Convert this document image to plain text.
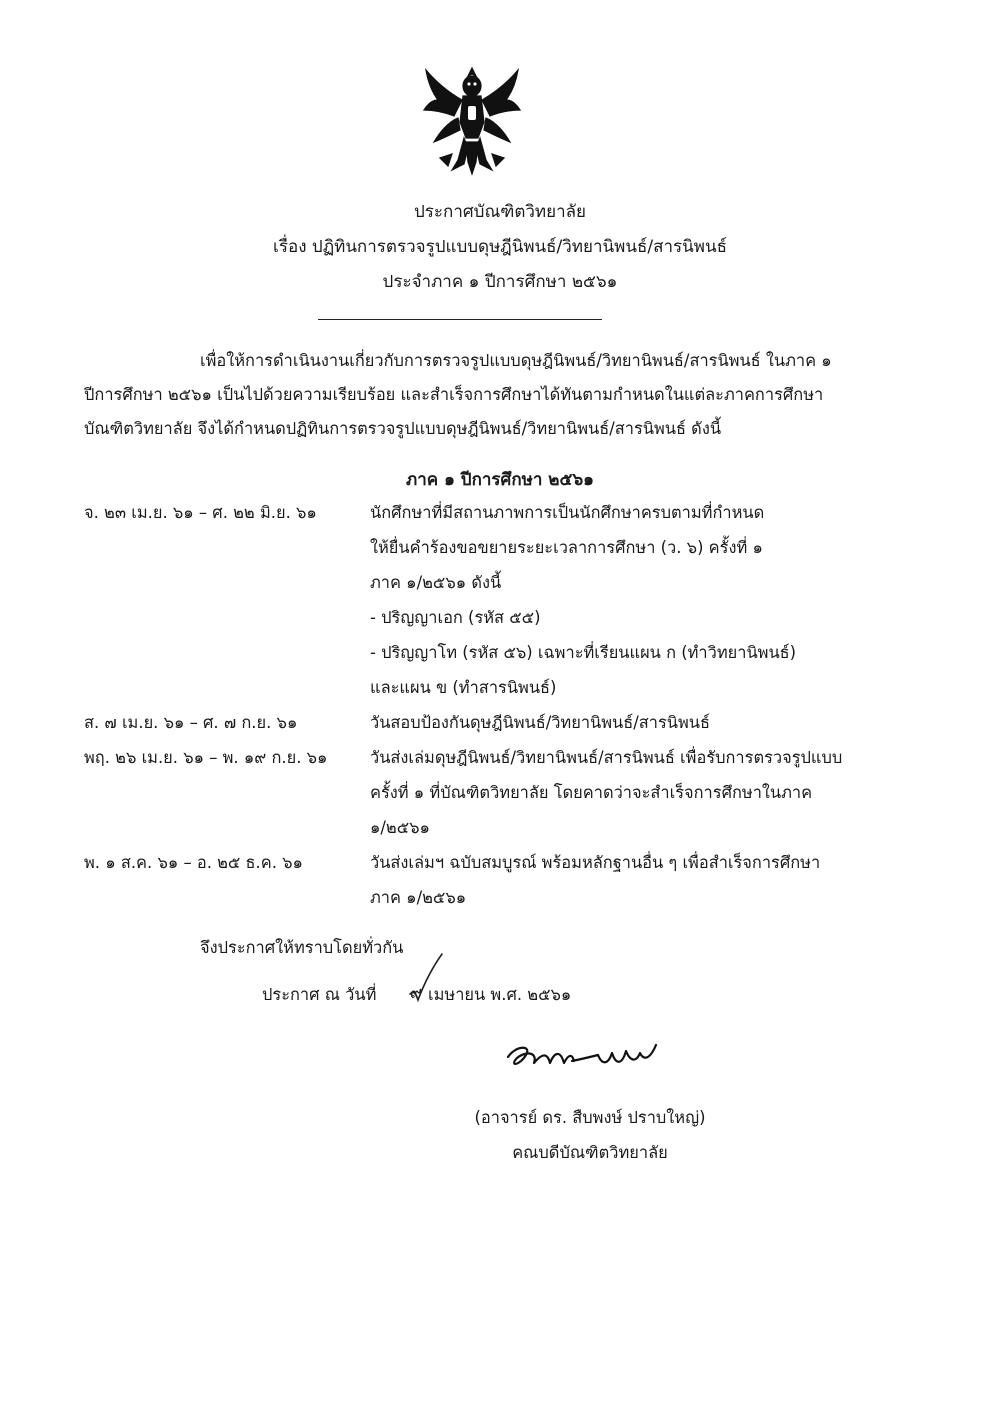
ประกาศบัณฑิตวิทยาลัย
เรื่อง ปฏิทินการตรวจรูปแบบดุษฎีนิพนธ์/วิทยานิพนธ์/สารนิพนธ์
ประจำภาค ๑ ปีการศึกษา ๒๕๖๑
เพื่อให้การดำเนินงานเกี่ยวกับการตรวจรูปแบบดุษฎีนิพนธ์/วิทยานิพนธ์/สารนิพนธ์ ในภาค ๑
ปีการศึกษา ๒๕๖๑ เป็นไปด้วยความเรียบร้อย และสำเร็จการศึกษาได้ทันตามกำหนดในแต่ละภาคการศึกษา
บัณฑิตวิทยาลัย จึงได้กำหนดปฏิทินการตรวจรูปแบบดุษฎีนิพนธ์/วิทยานิพนธ์/สารนิพนธ์ ดังนี้
ภาค ๑ ปีการศึกษา ๒๕๖๑
จ. ๒๓ เม.ย. ๖๑ – ศ. ๒๒ มิ.ย. ๖๑	นักศึกษาที่มีสถานภาพการเป็นนักศึกษาครบตามที่กำหนด
ให้ยื่นคำร้องขอขยายระยะเวลาการศึกษา (ว. ๖) ครั้งที่ ๑
ภาค ๑/๒๕๖๑ ดังนี้
- ปริญญาเอก (รหัส ๕๕)
- ปริญญาโท (รหัส ๕๖) เฉพาะที่เรียนแผน ก (ทำวิทยานิพนธ์)
และแผน ข (ทำสารนิพนธ์)
ส. ๗ เม.ย. ๖๑ – ศ. ๗ ก.ย. ๖๑	วันสอบป้องกันดุษฎีนิพนธ์/วิทยานิพนธ์/สารนิพนธ์
พฤ. ๒๖ เม.ย. ๖๑ – พ. ๑๙ ก.ย. ๖๑	วันส่งเล่มดุษฎีนิพนธ์/วิทยานิพนธ์/สารนิพนธ์ เพื่อรับการตรวจรูปแบบ
ครั้งที่ ๑ ที่บัณฑิตวิทยาลัย โดยคาดว่าจะสำเร็จการศึกษาในภาค
๑/๒๕๖๑
พ. ๑ ส.ค. ๖๑ – อ. ๒๕ ธ.ค. ๖๑	วันส่งเล่มฯ ฉบับสมบูรณ์ พร้อมหลักฐานอื่น ๆ เพื่อสำเร็จการศึกษา
ภาค ๑/๒๕๖๑
จึงประกาศให้ทราบโดยทั่วกัน
ประกาศ ณ วันที่ ๙ เมษายน พ.ศ. ๒๕๖๑
(อาจารย์ ดร. สืบพงษ์ ปราบใหญ่)
คณบดีบัณฑิตวิทยาลัย
